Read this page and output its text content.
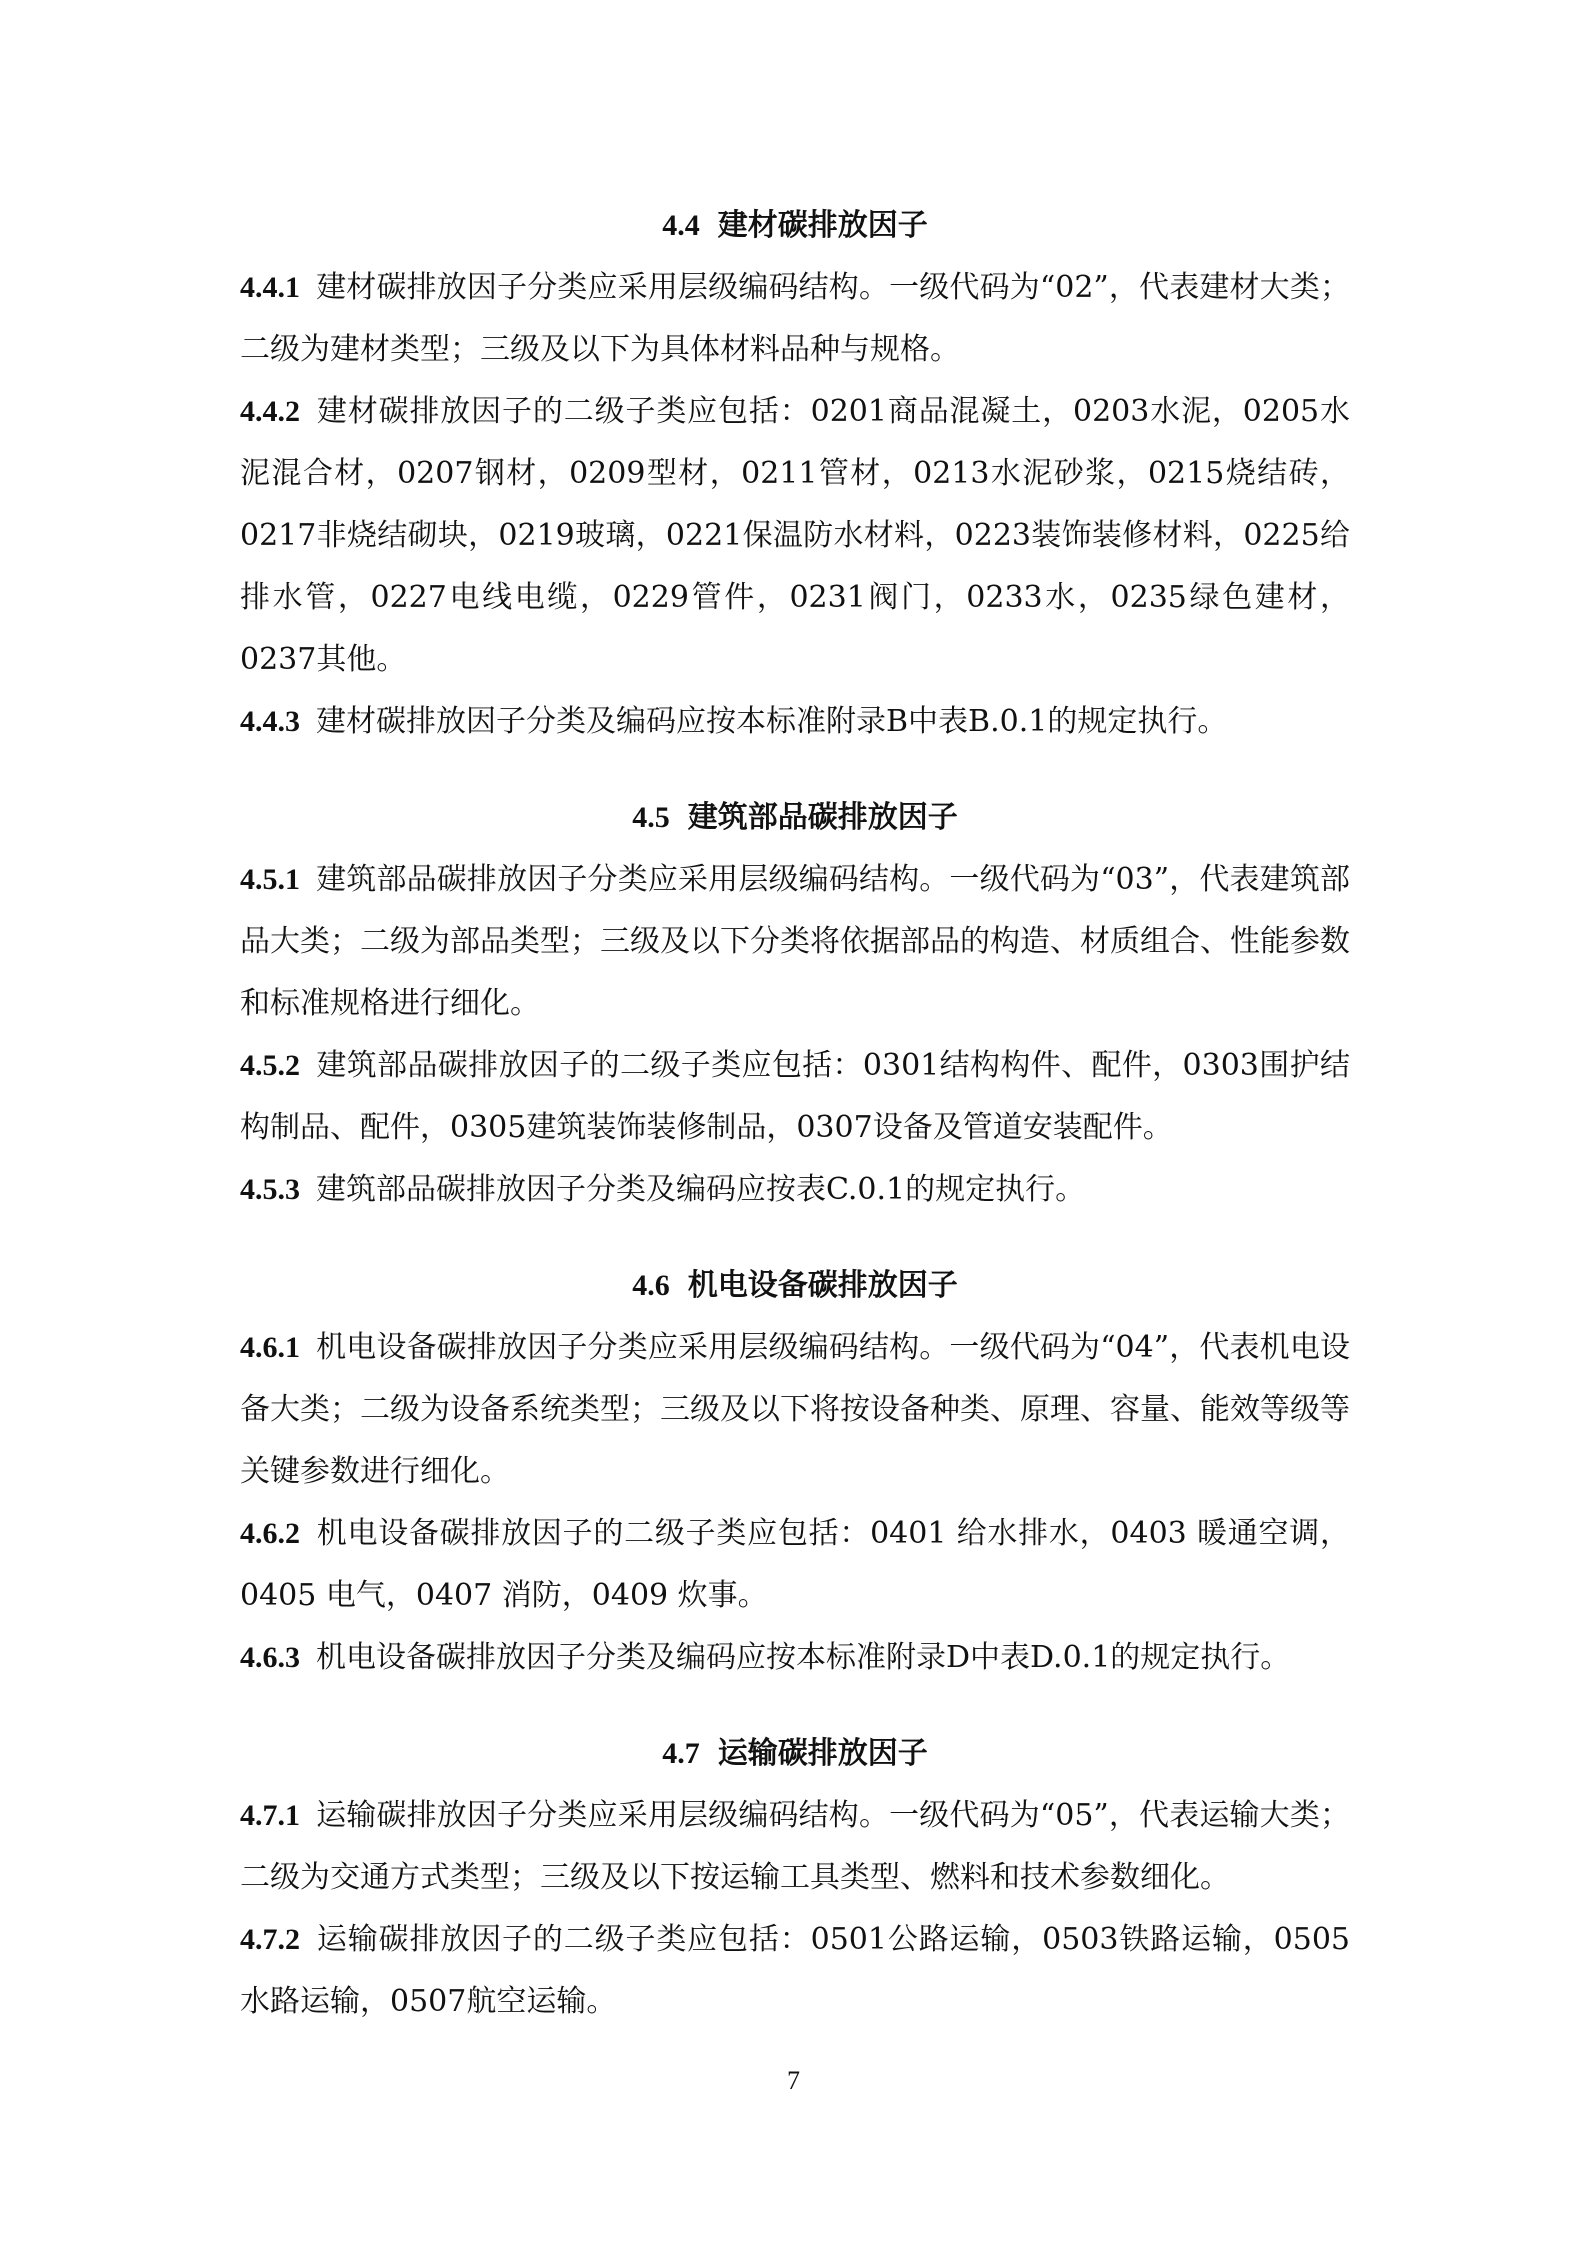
4.4 建材碳排放因子

4.4.1 建材碳排放因子分类应采用层级编码结构。一级代码为“02”，代表建材大类；二级为建材类型；三级及以下为具体材料品种与规格。

4.4.2 建材碳排放因子的二级子类应包括：0201商品混凝土，0203水泥，0205水泥混合材，0207钢材，0209型材，0211管材，0213水泥砂浆，0215烧结砖，0217非烧结砌块，0219玻璃，0221保温防水材料，0223装饰装修材料，0225给排水管，0227电线电缆，0229管件，0231阀门，0233水，0235绿色建材，0237其他。

4.4.3 建材碳排放因子分类及编码应按本标准附录B中表B.0.1的规定执行。

4.5 建筑部品碳排放因子

4.5.1 建筑部品碳排放因子分类应采用层级编码结构。一级代码为“03”，代表建筑部品大类；二级为部品类型；三级及以下分类将依据部品的构造、材质组合、性能参数和标准规格进行细化。

4.5.2 建筑部品碳排放因子的二级子类应包括：0301结构构件、配件，0303围护结构制品、配件，0305建筑装饰装修制品，0307设备及管道安装配件。

4.5.3 建筑部品碳排放因子分类及编码应按表C.0.1的规定执行。

4.6 机电设备碳排放因子

4.6.1 机电设备碳排放因子分类应采用层级编码结构。一级代码为“04”，代表机电设备大类；二级为设备系统类型；三级及以下将按设备种类、原理、容量、能效等级等关键参数进行细化。

4.6.2 机电设备碳排放因子的二级子类应包括：0401 给水排水，0403 暖通空调，0405 电气，0407 消防，0409 炊事。

4.6.3 机电设备碳排放因子分类及编码应按本标准附录D中表D.0.1的规定执行。

4.7 运输碳排放因子

4.7.1 运输碳排放因子分类应采用层级编码结构。一级代码为“05”，代表运输大类；二级为交通方式类型；三级及以下按运输工具类型、燃料和技术参数细化。

4.7.2 运输碳排放因子的二级子类应包括：0501公路运输，0503铁路运输，0505水路运输，0507航空运输。

7
